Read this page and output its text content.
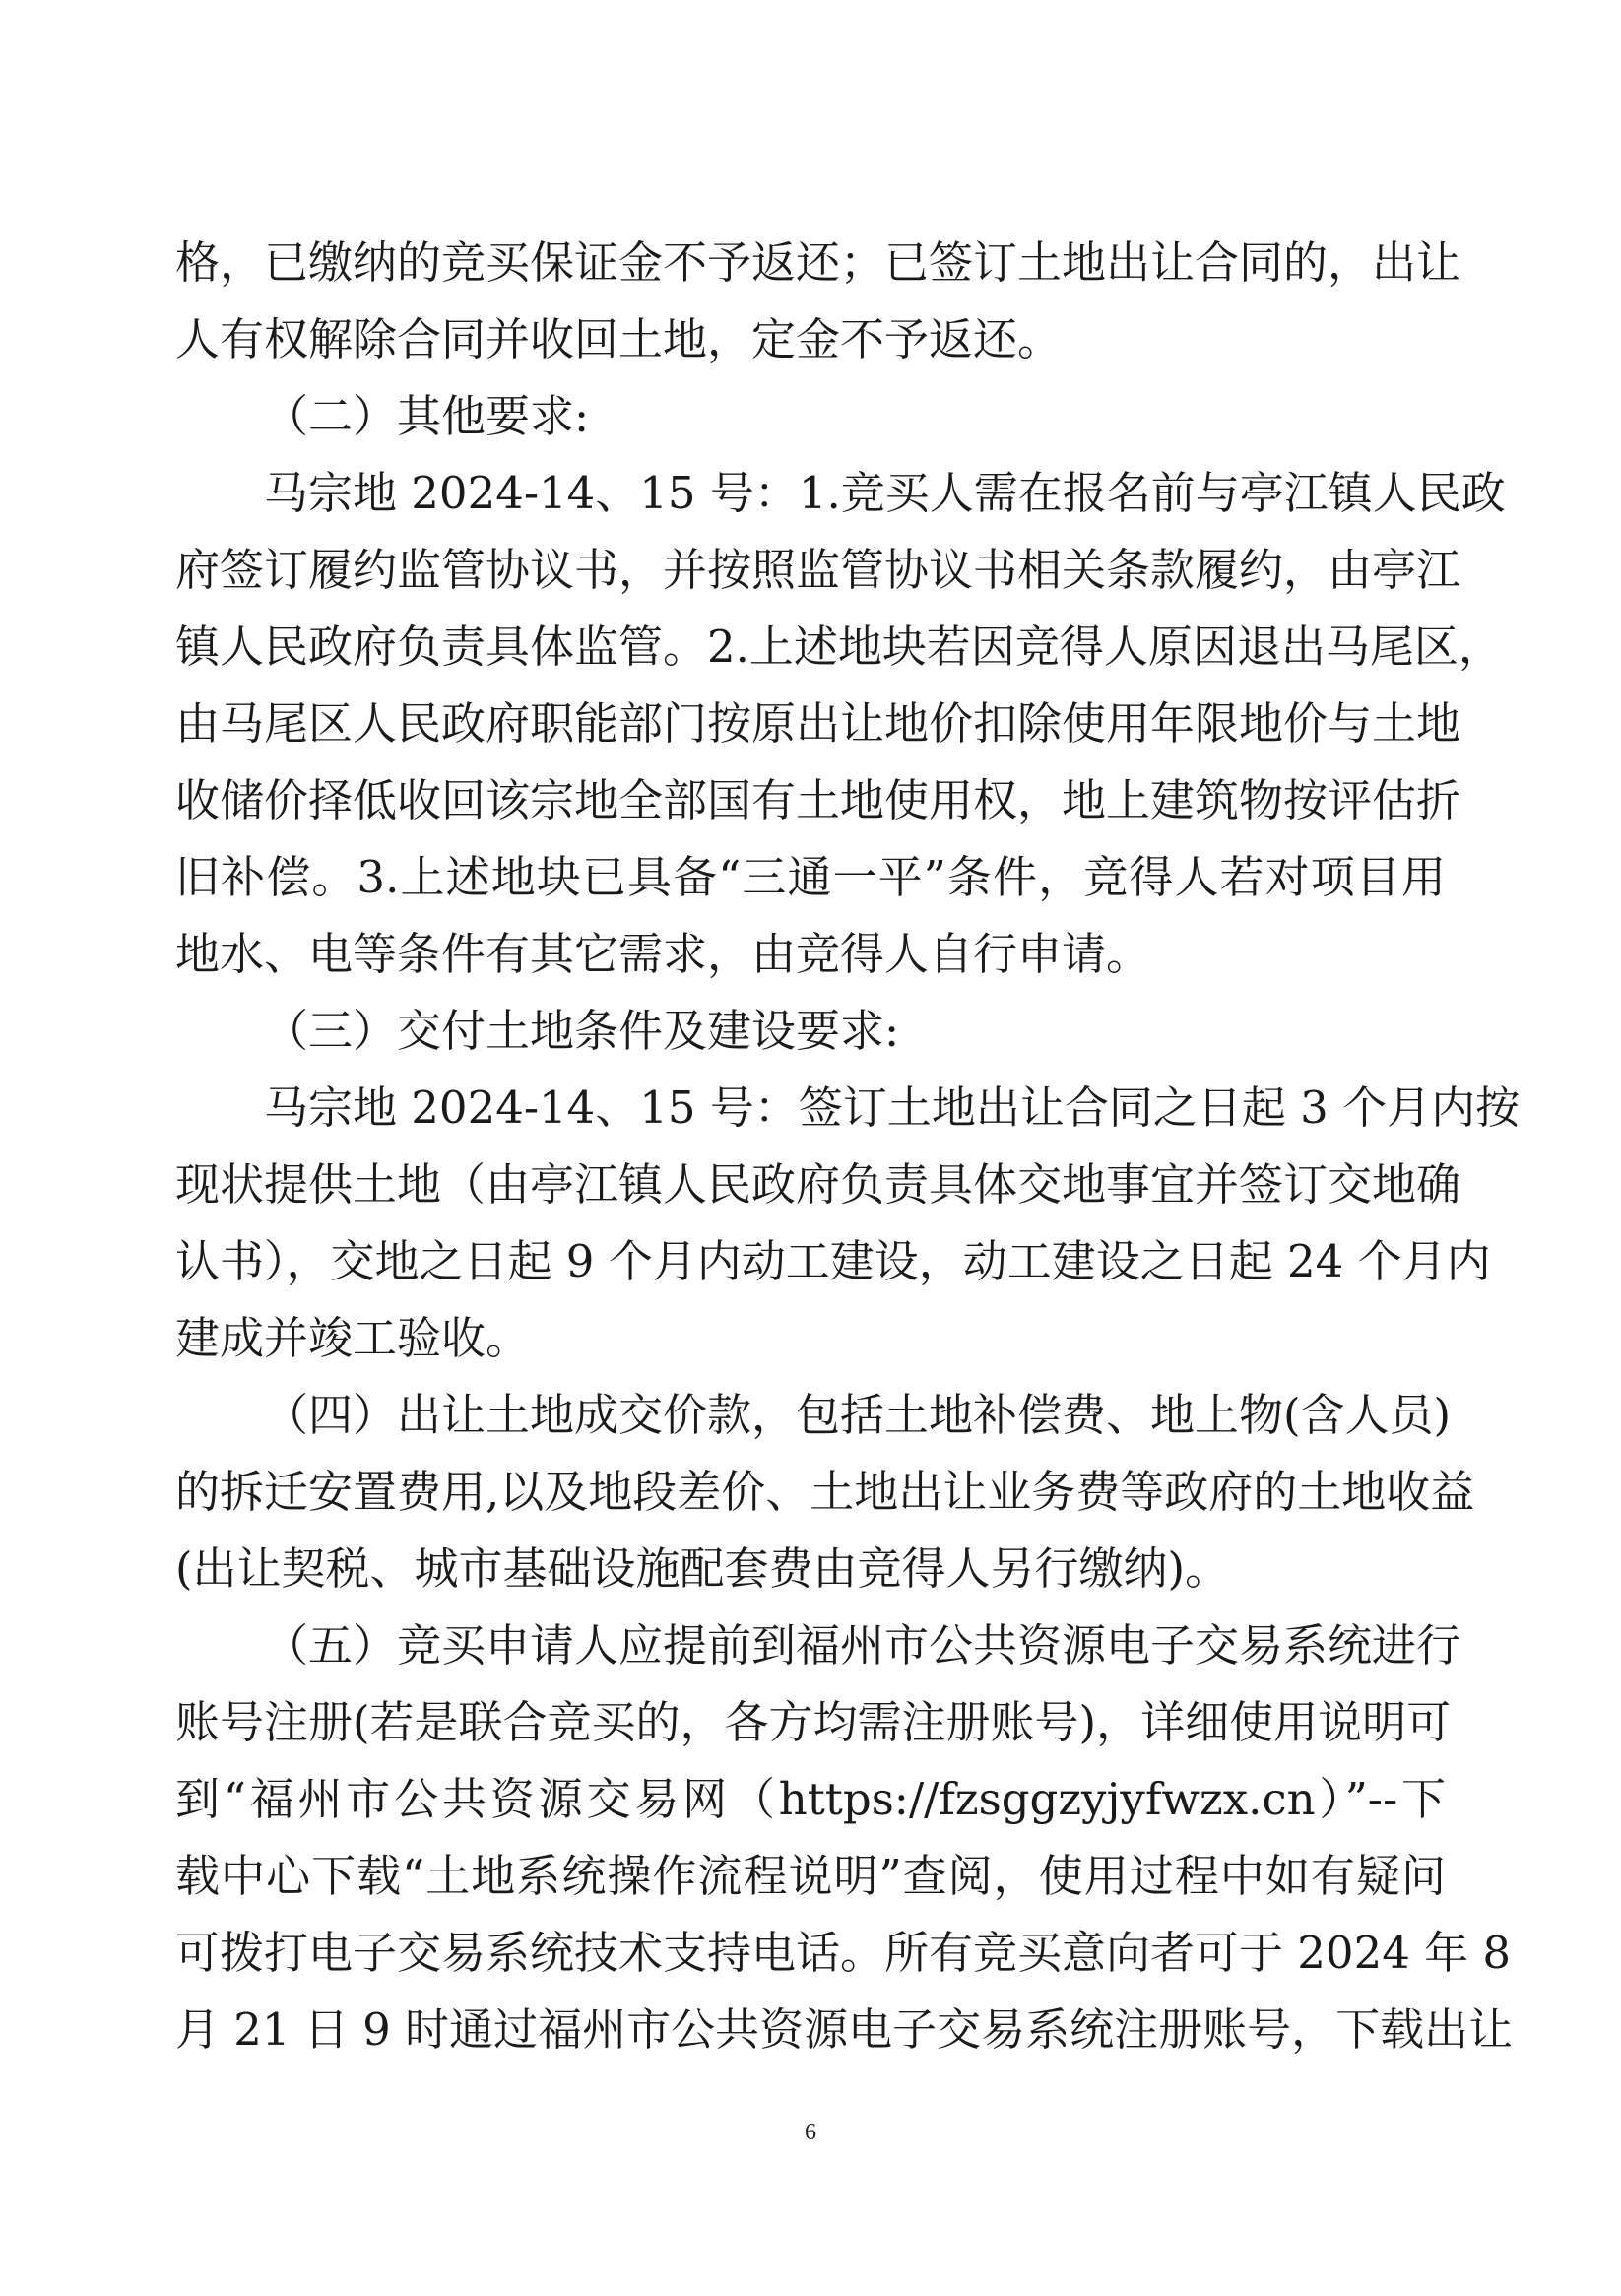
格，已缴纳的竞买保证金不予返还；已签订土地出让合同的，出让
人有权解除合同并收回土地，定金不予返还。
（二）其他要求:
马宗地 2024-14、15 号：1.竞买人需在报名前与亭江镇人民政
府签订履约监管协议书，并按照监管协议书相关条款履约，由亭江
镇人民政府负责具体监管。2.上述地块若因竞得人原因退出马尾区，
由马尾区人民政府职能部门按原出让地价扣除使用年限地价与土地
收储价择低收回该宗地全部国有土地使用权，地上建筑物按评估折
旧补偿。3.上述地块已具备“三通一平”条件，竞得人若对项目用
地水、电等条件有其它需求，由竞得人自行申请。
（三）交付土地条件及建设要求:
马宗地 2024-14、15 号：签订土地出让合同之日起 3 个月内按
现状提供土地（由亭江镇人民政府负责具体交地事宜并签订交地确
认书），交地之日起 9 个月内动工建设，动工建设之日起 24 个月内
建成并竣工验收。
（四）出让土地成交价款，包括土地补偿费、地上物(含人员)
的拆迁安置费用,以及地段差价、土地出让业务费等政府的土地收益
(出让契税、城市基础设施配套费由竞得人另行缴纳)。
（五）竞买申请人应提前到福州市公共资源电子交易系统进行
账号注册(若是联合竞买的，各方均需注册账号)，详细使用说明可
到“福州市公共资源交易网（https://fzsggzyjyfwzx.cn）”--下
载中心下载“土地系统操作流程说明”查阅，使用过程中如有疑问
可拨打电子交易系统技术支持电话。所有竞买意向者可于 2024 年 8
月 21 日 9 时通过福州市公共资源电子交易系统注册账号，下载出让
6
